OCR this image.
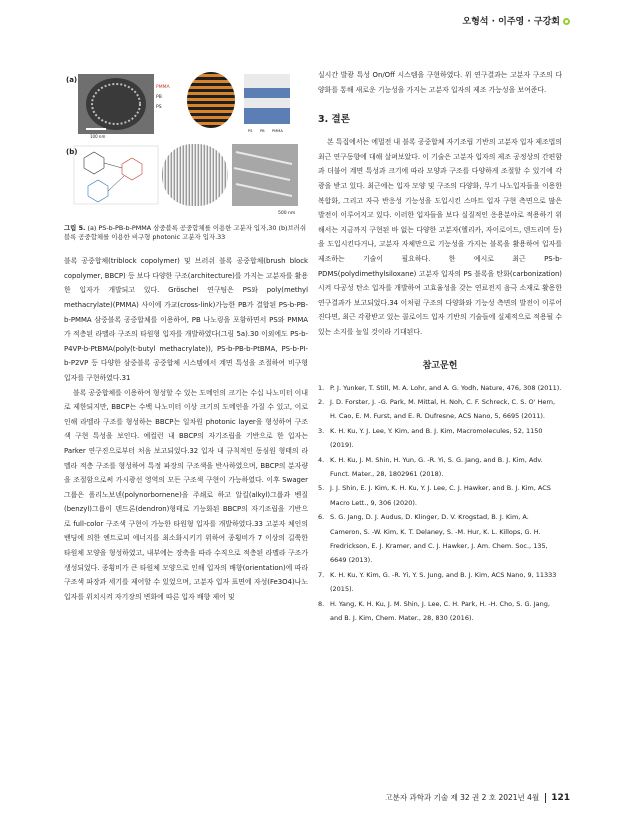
오형석 · 이주영 · 구강회
100 nm
PMMA
PB
PS
PS PB PMMA
500 nm
(a)
(b)
그림 5. (a) PS-b-PB-b-PMMA 삼중블록 공중합체를 이용한 고분자 입자,30 (b)브러쉬 블록 공중합체를 이용한 비구형 photonic 고분자 입자.33

블록 공중합체(triblock copolymer) 및 브러쉬 블록 공중합체(brush block copolymer, BBCP) 등 보다 다양한 구조(architecture)를 가지는 고분자를 활용한 입자가 개발되고 있다. Gröschel 연구팀은 PS와 poly(methyl methacrylate)(PMMA) 사이에 가교(cross-link)가능한 PB가 결합된 PS-b-PB-b-PMMA 삼중블록 공중합체를 이용하여, PB 나노링을 포함하면서 PS와 PMMA가 적층된 라멜라 구조의 타원형 입자를 개발하였다(그림 5a).30 이외에도 PS-b-P4VP-b-PtBMA(poly(t-butyl methacrylate)), PS-b-PB-b-PtBMA, PS-b-PI-b-P2VP 등 다양한 삼중블록 공중합체 시스템에서 계면 특성을 조절하여 비구형 입자를 구현하였다.31

블록 공중합체를 이용하여 형성할 수 있는 도메인의 크기는 수십 나노미터 이내로 제한되지만, BBCP는 수백 나노미터 이상 크기의 도메인을 가질 수 있고, 이로 인해 라멜라 구조를 형성하는 BBCP는 일차원 photonic layer을 형성하여 구조색 구현 특성을 보인다. 예컬런 내 BBCP의 자기조립을 기반으로 한 입자는 Parker 연구진으로부터 처음 보고되었다.32 입자 내 규칙적인 동심원 형태의 라멜라 적층 구조를 형성하여 특정 파장의 구조색을 반사하였으며, BBCP의 분자량을 조절함으로써 가시광선 영역의 모든 구조색 구현이 가능하였다. 이후 Swager 그룹은 폴리노보넨(polynorbornene)을 주쇄로 하고 알킬(alkyl)그룹과 벤질(benzyl)그룹이 덴드론(dendron)형태로 기능화된 BBCP의 자기조립을 기반으로 full-color 구조색 구현이 가능한 타원형 입자를 개발하였다.33 고분자 체인의 밴딩에 의한 엔트로피 에너지를 최소화시키기 위하여 종횡비가 7 이상의 길쭉한 타원체 모양을 형성하였고, 내부에는 장축을 따라 수직으로 적층된 라멜라 구조가 생성되었다. 종횡비가 큰 타원체 모양으로 인해 입자의 배향(orientation)에 따라 구조색 파장과 세기를 제어할 수 있었으며, 고분자 입자 표면에 자성(Fe3O4)나노입자를 위치시켜 자기장의 변화에 따른 입자 배향 제어 및

실시간 발광 특성 On/Off 시스템을 구현하였다. 위 연구결과는 고분자 구조의 다양화를 통해 새로운 기능성을 가지는 고분자 입자의 제조 가능성을 보여준다.

3. 결론

본 특집에서는 에멀전 내 블록 공중합체 자기조립 기반의 고분자 입자 제조법의 최근 연구동향에 대해 살펴보았다. 이 기술은 고분자 입자의 제조 공정상의 간편함과 더불어 계면 특성과 크기에 따라 모양과 구조를 다양하게 조절할 수 있기에 각광을 받고 있다. 최근에는 입자 모양 및 구조의 다양화, 무기 나노입자들을 이용한 복합화, 그리고 자극 반응성 기능성을 도입시킨 스마트 입자 구현 측면으로 많은 발전이 이루어지고 있다. 이러한 입자들을 보다 실질적인 응용분야로 적용하기 위해서는 지금까지 구현된 바 없는 다양한 고분자(헬리카, 자이로이드, 덴드리머 등)을 도입시킨다거나, 고분자 자체만으로 기능성을 가지는 블록을 활용하여 입자를 제조하는 기술이 필요하다. 한 예시로 최근 PS-b-PDMS(polydimethylsiloxane) 고분자 입자의 PS 블록을 탄화(carbonization)시켜 다공성 탄소 입자를 개발하여 고효율성을 갖는 연료전지 음극 소재로 활용한 연구결과가 보고되었다.34 이처럼 구조의 다양화와 기능성 측면의 발전이 이루어진다면, 최근 각광받고 있는 콜로이드 입자 기반의 기술들에 실제적으로 적용될 수 있는 소지를 높일 것이라 기대된다.

참고문헌
1. P. J. Yunker, T. Still, M. A. Lohr, and A. G. Yodh, Nature, 476, 308 (2011).
2. J. D. Forster, J. -G. Park, M. Mittal, H. Noh, C. F. Schreck, C. S. O' Hern, H. Cao, E. M. Furst, and E. R. Dufresne, ACS Nano, 5, 6695 (2011).
3. K. H. Ku, Y. J. Lee, Y. Kim, and B. J. Kim, Macromolecules, 52, 1150 (2019).
4. K. H. Ku, J. M. Shin, H. Yun, G. -R. Yi, S. G. Jang, and B. J. Kim, Adv. Funct. Mater., 28, 1802961 (2018).
5. J. J. Shin, E. J. Kim, K. H. Ku, Y. J. Lee, C. J. Hawker, and B. J. Kim, ACS Macro Lett., 9, 306 (2020).
6. S. G. Jang, D. J. Audus, D. Klinger, D. V. Krogstad, B. J. Kim, A. Cameron, S. -W. Kim, K. T. Delaney, S. -M. Hur, K. L. Killops, G. H. Fredrickson, E. J. Kramer, and C. J. Hawker, J. Am. Chem. Soc., 135, 6649 (2013).
7. K. H. Ku, Y. Kim, G. -R. Yi, Y. S. Jung, and B. J. Kim, ACS Nano, 9, 11333 (2015).
8. H. Yang, K. H. Ku, J. M. Shin, J. Lee, C. H. Park, H. -H. Cho, S. G. Jang, and B. J. Kim, Chem. Mater., 28, 830 (2016).
고분자 과학과 기술 제 32 권 2 호 2021년 4월 121
